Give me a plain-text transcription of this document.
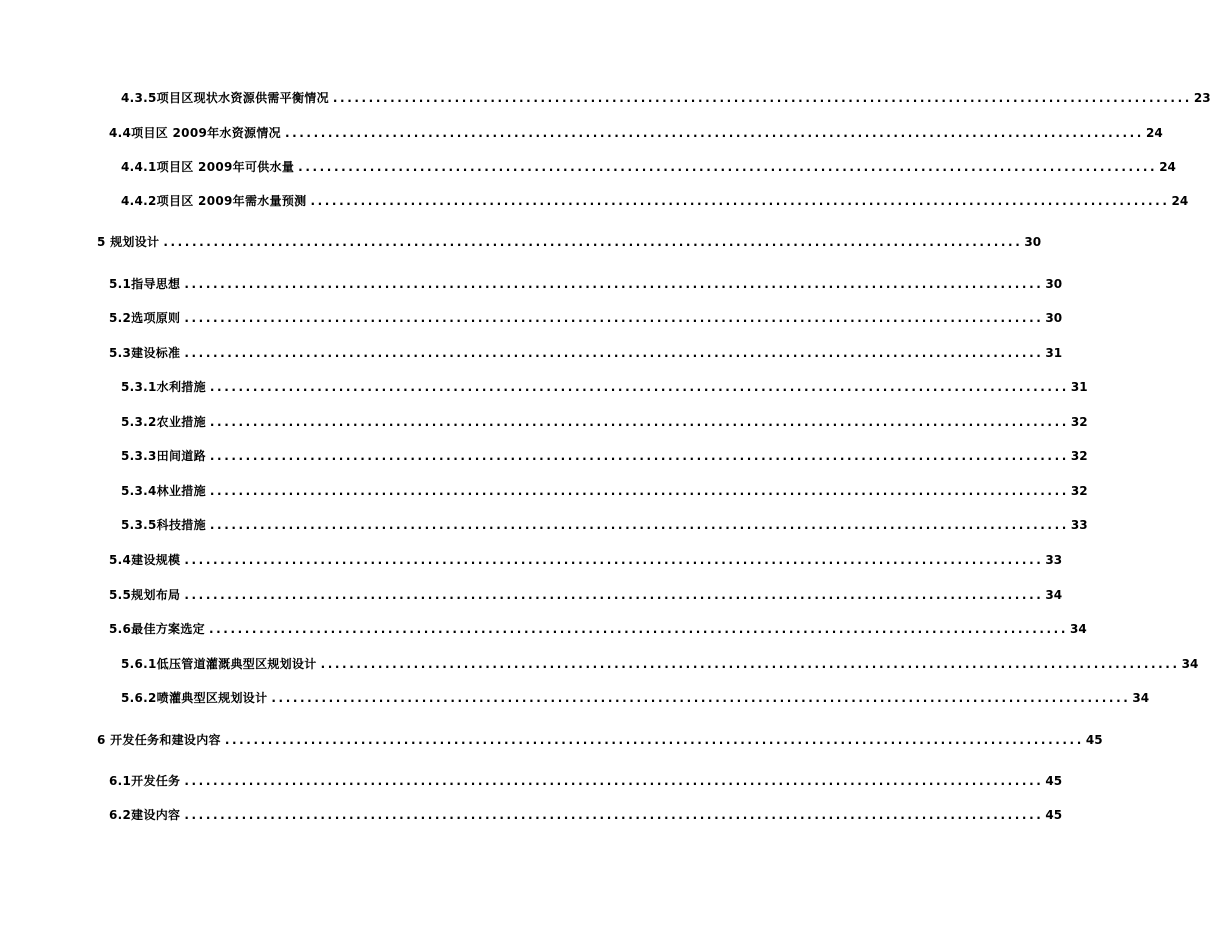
4.3.5项目区现状水资源供需平衡情况 ........................................................................................................................ 23
4.4项目区 2009年水资源情况 ........................................................................................................................ 24
4.4.1项目区 2009年可供水量 ........................................................................................................................ 24
4.4.2项目区 2009年需水量预测 ........................................................................................................................ 24
5 规划设计 ........................................................................................................................ 30
5.1指导思想 ........................................................................................................................ 30
5.2选项原则 ........................................................................................................................ 30
5.3建设标准 ........................................................................................................................ 31
5.3.1水利措施 ........................................................................................................................ 31
5.3.2农业措施 ........................................................................................................................ 32
5.3.3田间道路 ........................................................................................................................ 32
5.3.4林业措施 ........................................................................................................................ 32
5.3.5科技措施 ........................................................................................................................ 33
5.4建设规模 ........................................................................................................................ 33
5.5规划布局 ........................................................................................................................ 34
5.6最佳方案选定 ........................................................................................................................ 34
5.6.1低压管道灌溉典型区规划设计 ........................................................................................................................ 34
5.6.2喷灌典型区规划设计 ........................................................................................................................ 34
6 开发任务和建设内容 ........................................................................................................................ 45
6.1开发任务 ........................................................................................................................ 45
6.2建设内容 ........................................................................................................................ 45
